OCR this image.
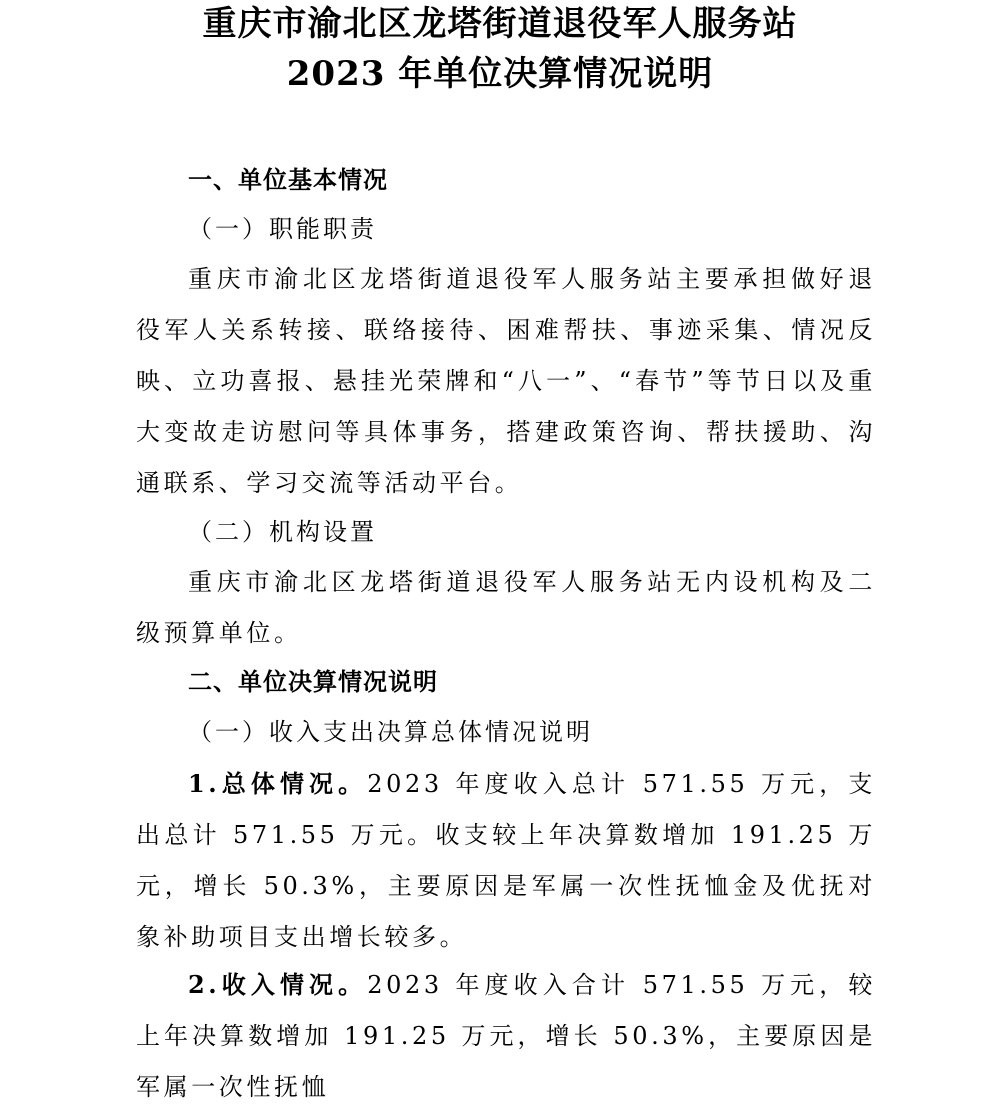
重庆市渝北区龙塔街道退役军人服务站
2023 年单位决算情况说明
一、单位基本情况
（一）职能职责
重庆市渝北区龙塔街道退役军人服务站主要承担做好退役军人关系转接、联络接待、困难帮扶、事迹采集、情况反映、立功喜报、悬挂光荣牌和“八一”、“春节”等节日以及重大变故走访慰问等具体事务，搭建政策咨询、帮扶援助、沟通联系、学习交流等活动平台。
（二）机构设置
重庆市渝北区龙塔街道退役军人服务站无内设机构及二级预算单位。
二、单位决算情况说明
（一）收入支出决算总体情况说明
1.总体情况。2023 年度收入总计 571.55 万元，支出总计 571.55 万元。收支较上年决算数增加 191.25 万元，增长 50.3%，主要原因是军属一次性抚恤金及优抚对象补助项目支出增长较多。
2.收入情况。2023 年度收入合计 571.55 万元，较上年决算数增加 191.25 万元，增长 50.3%，主要原因是军属一次性抚恤
